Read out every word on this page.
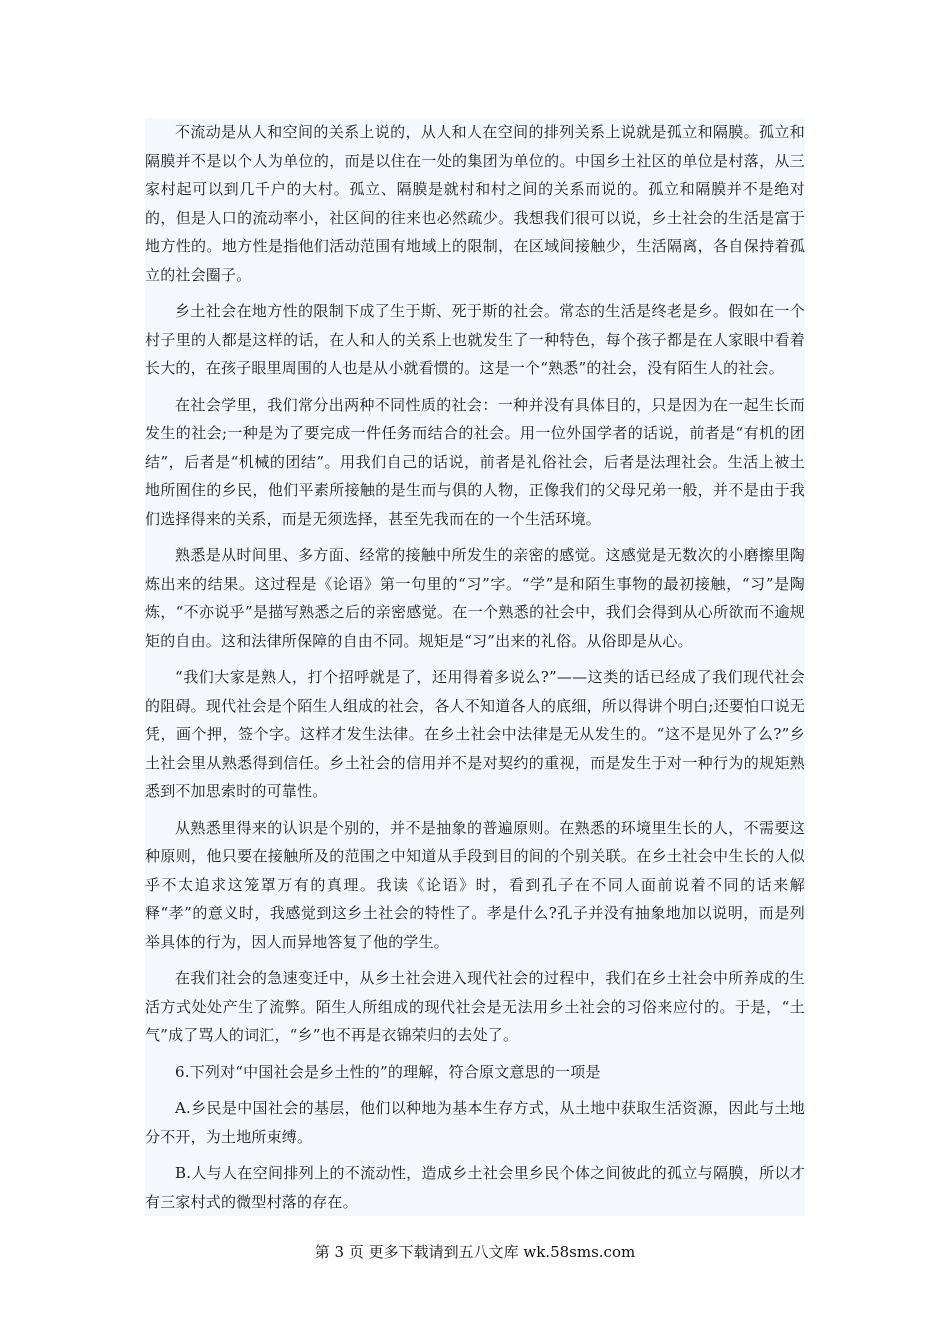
不流动是从人和空间的关系上说的，从人和人在空间的排列关系上说就是孤立和隔膜。孤立和隔膜并不是以个人为单位的，而是以住在一处的集团为单位的。中国乡土社区的单位是村落，从三家村起可以到几千户的大村。孤立、隔膜是就村和村之间的关系而说的。孤立和隔膜并不是绝对的，但是人口的流动率小，社区间的往来也必然疏少。我想我们很可以说，乡土社会的生活是富于地方性的。地方性是指他们活动范围有地域上的限制，在区域间接触少，生活隔离，各自保持着孤立的社会圈子。

乡土社会在地方性的限制下成了生于斯、死于斯的社会。常态的生活是终老是乡。假如在一个村子里的人都是这样的话，在人和人的关系上也就发生了一种特色，每个孩子都是在人家眼中看着长大的，在孩子眼里周围的人也是从小就看惯的。这是一个“熟悉”的社会，没有陌生人的社会。

在社会学里，我们常分出两种不同性质的社会：一种并没有具体目的，只是因为在一起生长而发生的社会;一种是为了要完成一件任务而结合的社会。用一位外国学者的话说，前者是“有机的团结”，后者是“机械的团结”。用我们自己的话说，前者是礼俗社会，后者是法理社会。生活上被土地所囿住的乡民，他们平素所接触的是生而与俱的人物，正像我们的父母兄弟一般，并不是由于我们选择得来的关系，而是无须选择，甚至先我而在的一个生活环境。

熟悉是从时间里、多方面、经常的接触中所发生的亲密的感觉。这感觉是无数次的小磨擦里陶炼出来的结果。这过程是《论语》第一句里的“习”字。“学”是和陌生事物的最初接触，“习”是陶炼，“不亦说乎”是描写熟悉之后的亲密感觉。在一个熟悉的社会中，我们会得到从心所欲而不逾规矩的自由。这和法律所保障的自由不同。规矩是“习”出来的礼俗。从俗即是从心。

“我们大家是熟人，打个招呼就是了，还用得着多说么?”——这类的话已经成了我们现代社会的阻碍。现代社会是个陌生人组成的社会，各人不知道各人的底细，所以得讲个明白;还要怕口说无凭，画个押，签个字。这样才发生法律。在乡土社会中法律是无从发生的。“这不是见外了么?”乡土社会里从熟悉得到信任。乡土社会的信用并不是对契约的重视，而是发生于对一种行为的规矩熟悉到不加思索时的可靠性。

从熟悉里得来的认识是个别的，并不是抽象的普遍原则。在熟悉的环境里生长的人，不需要这种原则，他只要在接触所及的范围之中知道从手段到目的间的个别关联。在乡土社会中生长的人似乎不太追求这笼罩万有的真理。我读《论语》时，看到孔子在不同人面前说着不同的话来解释“孝”的意义时，我感觉到这乡土社会的特性了。孝是什么?孔子并没有抽象地加以说明，而是列举具体的行为，因人而异地答复了他的学生。

在我们社会的急速变迁中，从乡土社会进入现代社会的过程中，我们在乡土社会中所养成的生活方式处处产生了流弊。陌生人所组成的现代社会是无法用乡土社会的习俗来应付的。于是，“土气”成了骂人的词汇，“乡”也不再是衣锦荣归的去处了。

6.下列对“中国社会是乡土性的”的理解，符合原文意思的一项是

A.乡民是中国社会的基层，他们以种地为基本生存方式，从土地中获取生活资源，因此与土地分不开，为土地所束缚。

B.人与人在空间排列上的不流动性，造成乡土社会里乡民个体之间彼此的孤立与隔膜，所以才有三家村式的微型村落的存在。

第 3 页 更多下载请到五八文库 wk.58sms.com
